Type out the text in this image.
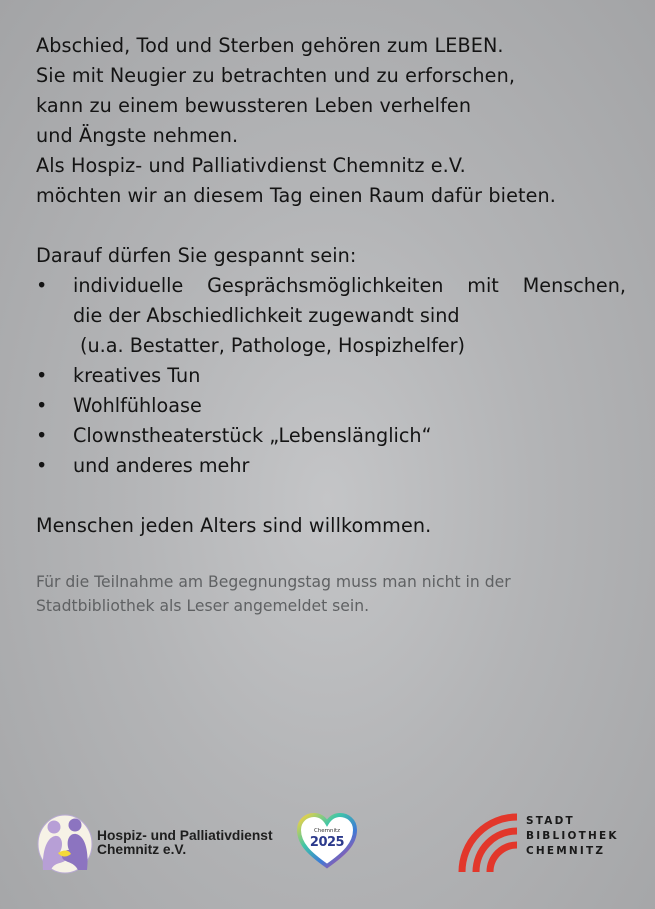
Abschied, Tod und Sterben gehören zum LEBEN.
Sie mit Neugier zu betrachten und zu erforschen,
kann zu einem bewussteren Leben verhelfen
und Ängste nehmen.
Als Hospiz- und Palliativdienst Chemnitz e.V.
möchten wir an diesem Tag einen Raum dafür bieten.

Darauf dürfen Sie gespannt sein:

• individuelle Gesprächsmöglichkeiten mit Menschen,
die der Abschiedlichkeit zugewandt sind
(u.a. Bestatter, Pathologe, Hospizhelfer)
• kreatives Tun
• Wohlfühloase
• Clownstheaterstück „Lebenslänglich“
• und anderes mehr

Menschen jeden Alters sind willkommen.

Für die Teilnahme am Begegnungstag muss man nicht in der
Stadtbibliothek als Leser angemeldet sein.

Hospiz- und Palliativdienst
Chemnitz e.V.
Chemnitz
2025
STADT
BIBLIOTHEK
CHEMNITZ
